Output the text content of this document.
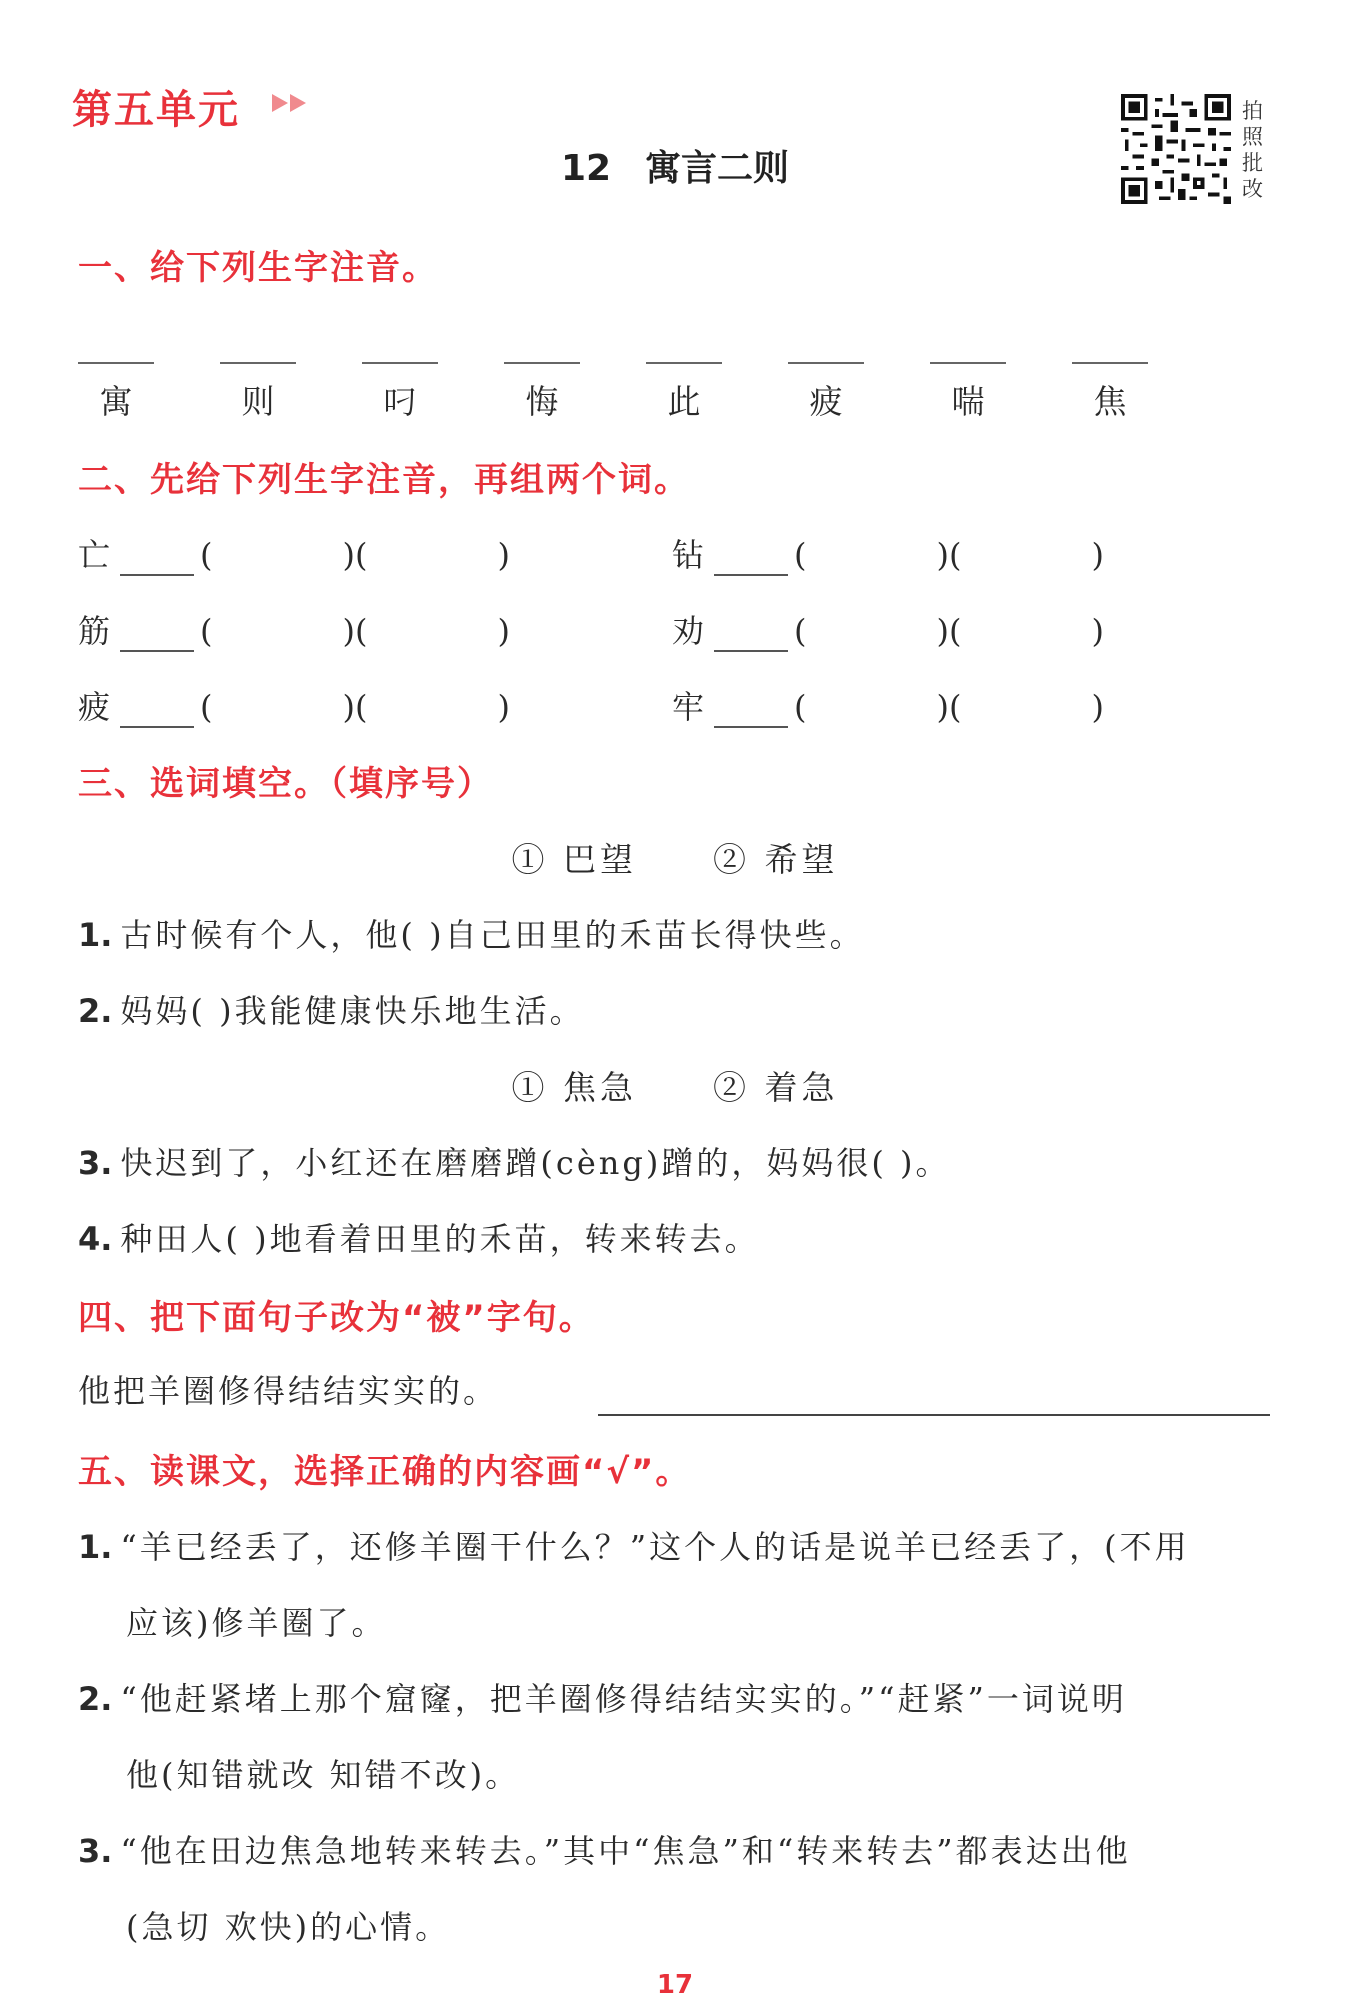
第五单元
12 寓言二则
拍
照
批
改
一、给下列生字注音。
寓	则	叼	悔	此	疲	喘	焦
二、先给下列生字注音，再组两个词。
亡	(	)(	)	钻	(	)(	)
筋	(	)(	)	劝	(	)(	)
疲	(	)(	)	牢	(	)(	)
三、选词填空。（填序号）
① 巴望 ② 希望
1. 古时候有个人，他( )自己田里的禾苗长得快些。
2. 妈妈( )我能健康快乐地生活。
① 焦急 ② 着急
3. 快迟到了，小红还在磨磨蹭(cèng)蹭的，妈妈很( )。
4. 种田人( )地看着田里的禾苗，转来转去。
四、把下面句子改为“被”字句。
他把羊圈修得结结实实的。
五、读课文，选择正确的内容画“√”。
1. “羊已经丢了，还修羊圈干什么？”这个人的话是说羊已经丢了，(不用
应该)修羊圈了。
2. “他赶紧堵上那个窟窿，把羊圈修得结结实实的。”“赶紧”一词说明
他(知错就改 知错不改)。
3. “他在田边焦急地转来转去。”其中“焦急”和“转来转去”都表达出他
(急切 欢快)的心情。
17
